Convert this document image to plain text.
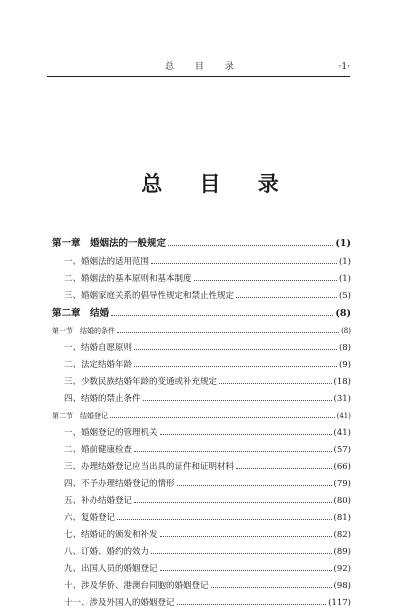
总 目 录	·1·
总 目 录
第一章　婚姻法的一般规定	(1)
一、婚姻法的适用范围	(1)
二、婚姻法的基本原则和基本制度	(1)
三、婚姻家庭关系的倡导性规定和禁止性规定	(5)
第二章　结婚	(8)
第一节　结婚的条件	(8)
一、结婚自愿原则	(8)
二、法定结婚年龄	(9)
三、少数民族结婚年龄的变通或补充规定	(18)
四、结婚的禁止条件	(31)
第二节　结婚登记	(41)
一、婚姻登记的管理机关	(41)
二、婚前健康检查	(57)
三、办理结婚登记应当出具的证件和证明材料	(66)
四、不予办理结婚登记的情形	(79)
五、补办结婚登记	(80)
六、复婚登记	(81)
七、结婚证的颁发和补发	(82)
八、订婚、婚约的效力	(89)
九、出国人员的婚姻登记	(92)
十、涉及华侨、港澳台同胞的婚姻登记	(98)
十一、涉及外国人的婚姻登记	(117)
